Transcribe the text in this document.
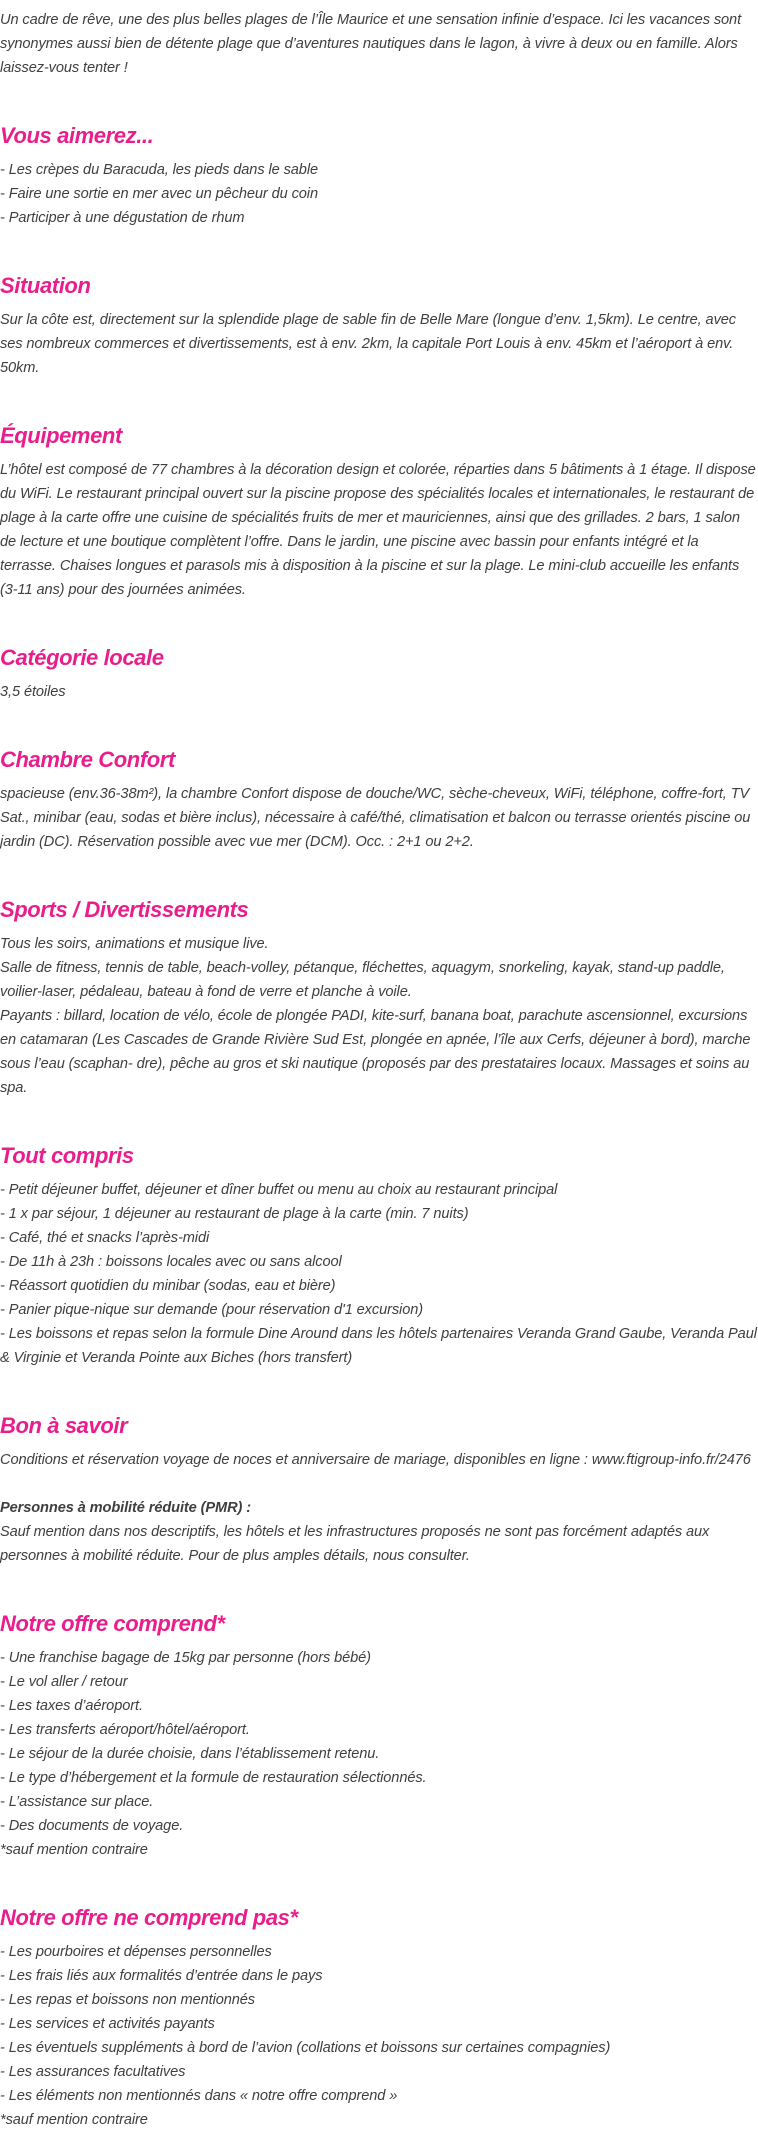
Un cadre de rêve, une des plus belles plages de l’Île Maurice et une sensation infinie d’espace. Ici les vacances sont synonymes aussi bien de détente plage que d’aventures nautiques dans le lagon, à vivre à deux ou en famille. Alors laissez-vous tenter !

Vous aimerez...

- Les crèpes du Baracuda, les pieds dans le sable
- Faire une sortie en mer avec un pêcheur du coin
- Participer à une dégustation de rhum

Situation

Sur la côte est, directement sur la splendide plage de sable fin de Belle Mare (longue d’env. 1,5km). Le centre, avec ses nombreux commerces et divertissements, est à env. 2km, la capitale Port Louis à env. 45km et l’aéroport à env. 50km.

Équipement

L’hôtel est composé de 77 chambres à la décoration design et colorée, réparties dans 5 bâtiments à 1 étage. Il dispose du WiFi. Le restaurant principal ouvert sur la piscine propose des spécialités locales et internationales, le restaurant de plage à la carte offre une cuisine de spécialités fruits de mer et mauriciennes, ainsi que des grillades. 2 bars, 1 salon de lecture et une boutique complètent l’offre. Dans le jardin, une piscine avec bassin pour enfants intégré et la terrasse. Chaises longues et parasols mis à disposition à la piscine et sur la plage. Le mini-club accueille les enfants (3-11 ans) pour des journées animées.

Catégorie locale

3,5 étoiles

Chambre Confort

spacieuse (env.36-38m²), la chambre Confort dispose de douche/WC, sèche-cheveux, WiFi, téléphone, coffre-fort, TV Sat., minibar (eau, sodas et bière inclus), nécessaire à café/thé, climatisation et balcon ou terrasse orientés piscine ou jardin (DC). Réservation possible avec vue mer (DCM). Occ. : 2+1 ou 2+2.

Sports / Divertissements

Tous les soirs, animations et musique live.
Salle de fitness, tennis de table, beach-volley, pétanque, fléchettes, aquagym, snorkeling, kayak, stand-up paddle, voilier-laser, pédaleau, bateau à fond de verre et planche à voile.
Payants : billard, location de vélo, école de plongée PADI, kite-surf, banana boat, parachute ascensionnel, excursions en catamaran (Les Cascades de Grande Rivière Sud Est, plongée en apnée, l’île aux Cerfs, déjeuner à bord), marche sous l’eau (scaphan- dre), pêche au gros et ski nautique (proposés par des prestataires locaux. Massages et soins au spa.

Tout compris

- Petit déjeuner buffet, déjeuner et dîner buffet ou menu au choix au restaurant principal
- 1 x par séjour, 1 déjeuner au restaurant de plage à la carte (min. 7 nuits)
- Café, thé et snacks l’après-midi
- De 11h à 23h : boissons locales avec ou sans alcool
- Réassort quotidien du minibar (sodas, eau et bière)
- Panier pique-nique sur demande (pour réservation d'1 excursion)
- Les boissons et repas selon la formule Dine Around dans les hôtels partenaires Veranda Grand Gaube, Veranda Paul & Virginie et Veranda Pointe aux Biches (hors transfert)

Bon à savoir

Conditions et réservation voyage de noces et anniversaire de mariage, disponibles en ligne : www.ftigroup-info.fr/2476

Personnes à mobilité réduite (PMR) :
Sauf mention dans nos descriptifs, les hôtels et les infrastructures proposés ne sont pas forcément adaptés aux personnes à mobilité réduite. Pour de plus amples détails, nous consulter.

Notre offre comprend*

- Une franchise bagage de 15kg par personne (hors bébé)
- Le vol aller / retour
- Les taxes d’aéroport.
- Les transferts aéroport/hôtel/aéroport.
- Le séjour de la durée choisie, dans l’établissement retenu.
- Le type d’hébergement et la formule de restauration sélectionnés.
- L’assistance sur place.
- Des documents de voyage.
*sauf mention contraire

Notre offre ne comprend pas*

- Les pourboires et dépenses personnelles
- Les frais liés aux formalités d’entrée dans le pays
- Les repas et boissons non mentionnés
- Les services et activités payants
- Les éventuels suppléments à bord de l’avion (collations et boissons sur certaines compagnies)
- Les assurances facultatives
- Les éléments non mentionnés dans « notre offre comprend »
*sauf mention contraire
